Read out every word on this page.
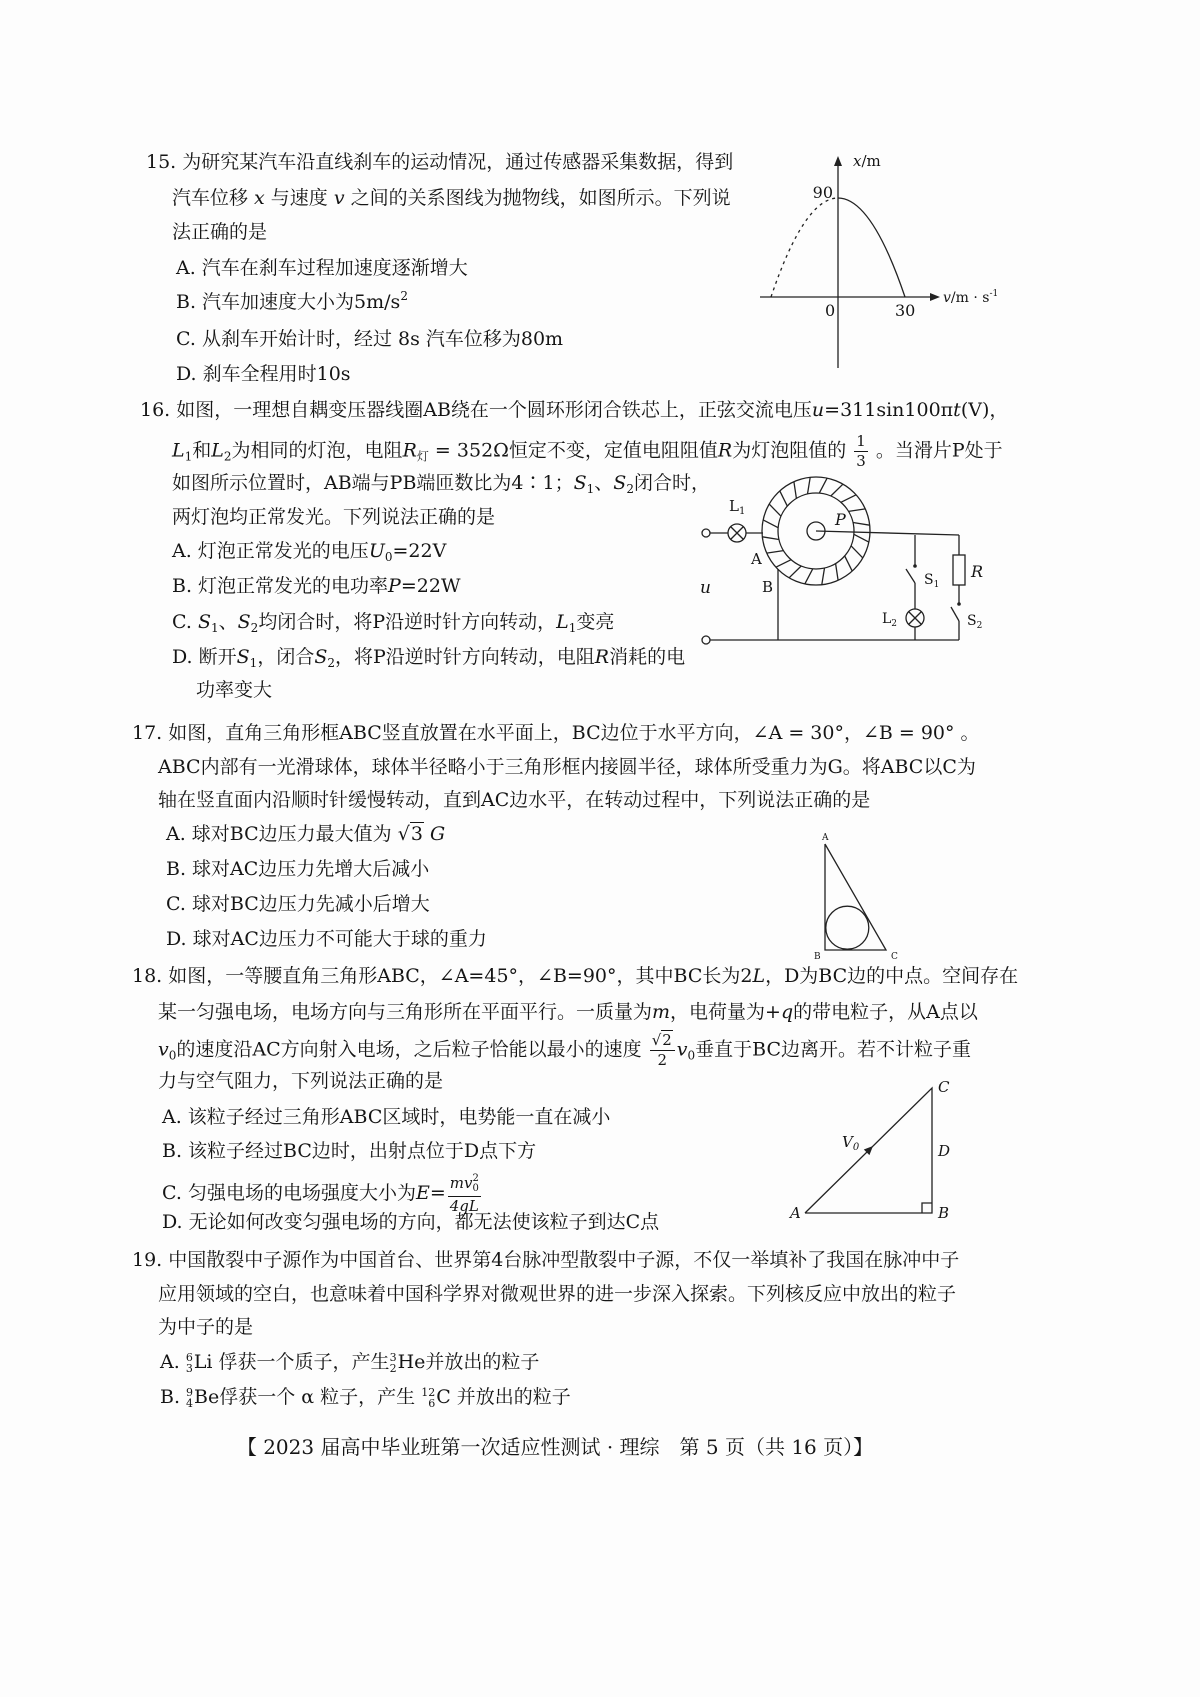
15. 为研究某汽车沿直线刹车的运动情况，通过传感器采集数据，得到
汽车位移 x 与速度 v 之间的关系图线为抛物线，如图所示。下列说
法正确的是
A. 汽车在刹车过程加速度逐渐增大
B. 汽车加速度大小为$5m/s^2$
C. 从刹车开始计时，经过 8s 汽车位移为80m
D. 刹车全程用时10s
x/m
90
0	30
$v/m \cdot s^{-1}$
16. 如图，一理想自耦变压器线圈AB绕在一个圆环形闭合铁芯上，正弦交流电压u=311sin100πt(V)，
$L_1$和$L_2$为相同的灯泡，电阻$R_灯 = 352\Omega$恒定不变，定值电阻阻值R为灯泡阻值的 $\frac{1}{3}$ 。当滑片P处于
如图所示位置时，AB端与PB端匝数比为4∶1；$S_1$、$S_2$闭合时，
两灯泡均正常发光。下列说法正确的是
A. 灯泡正常发光的电压$U_0=22V$
B. 灯泡正常发光的电功率P=22W
C. $S_1$、$S_2$均闭合时，将P沿逆时针方向转动，$L_1$变亮
D. 断开$S_1$，闭合$S_2$，将P沿逆时针方向转动，电阻R消耗的电
功率变大
u
$L_1$
A
P
B	$S_1$
$L_2$
R
$S_2$
17. 如图，直角三角形框ABC竖直放置在水平面上，BC边位于水平方向，∠A = 30°，∠B = 90° 。
ABC内部有一光滑球体，球体半径略小于三角形框内接圆半径，球体所受重力为G。将ABC以C为
轴在竖直面内沿顺时针缓慢转动，直到AC边水平，在转动过程中，下列说法正确的是
A. 球对BC边压力最大值为 √3 G
B. 球对AC边压力先增大后减小
C. 球对BC边压力先减小后增大
D. 球对AC边压力不可能大于球的重力
A
B	C
18. 如图，一等腰直角三角形ABC，∠A=45°，∠B=90°，其中BC长为2L，D为BC边的中点。空间存在
某一匀强电场，电场方向与三角形所在平面平行。一质量为m，电荷量为+q的带电粒子，从A点以
$v_0$的速度沿AC方向射入电场，之后粒子恰能以最小的速度 $\frac{√2}{2} v_0$垂直于BC边离开。若不计粒子重
力与空气阻力，下列说法正确的是
A. 该粒子经过三角形ABC区域时，电势能一直在减小
B. 该粒子经过BC边时，出射点位于D点下方
C. 匀强电场的电场强度大小为E= mv 2
0
4qL
D. 无论如何改变匀强电场的方向，都无法使该粒子到达C点
$V_0$
A	B
C
D
19. 中国散裂中子源作为中国首台、世界第4台脉冲型散裂中子源，不仅一举填补了我国在脉冲中子
应用领域的空白，也意味着中国科学界对微观世界的进一步深入探索。下列核反应中放出的粒子
为中子的是
A. 6
3 Li 俘获一个质子，产生 3
2 He并放出的粒子
B. 9
4 Be俘获一个 α 粒子，产生 12
6 C 并放出的粒子
【 2023 届高中毕业班第一次适应性测试 · 理综　第 5 页（共 16 页）】
